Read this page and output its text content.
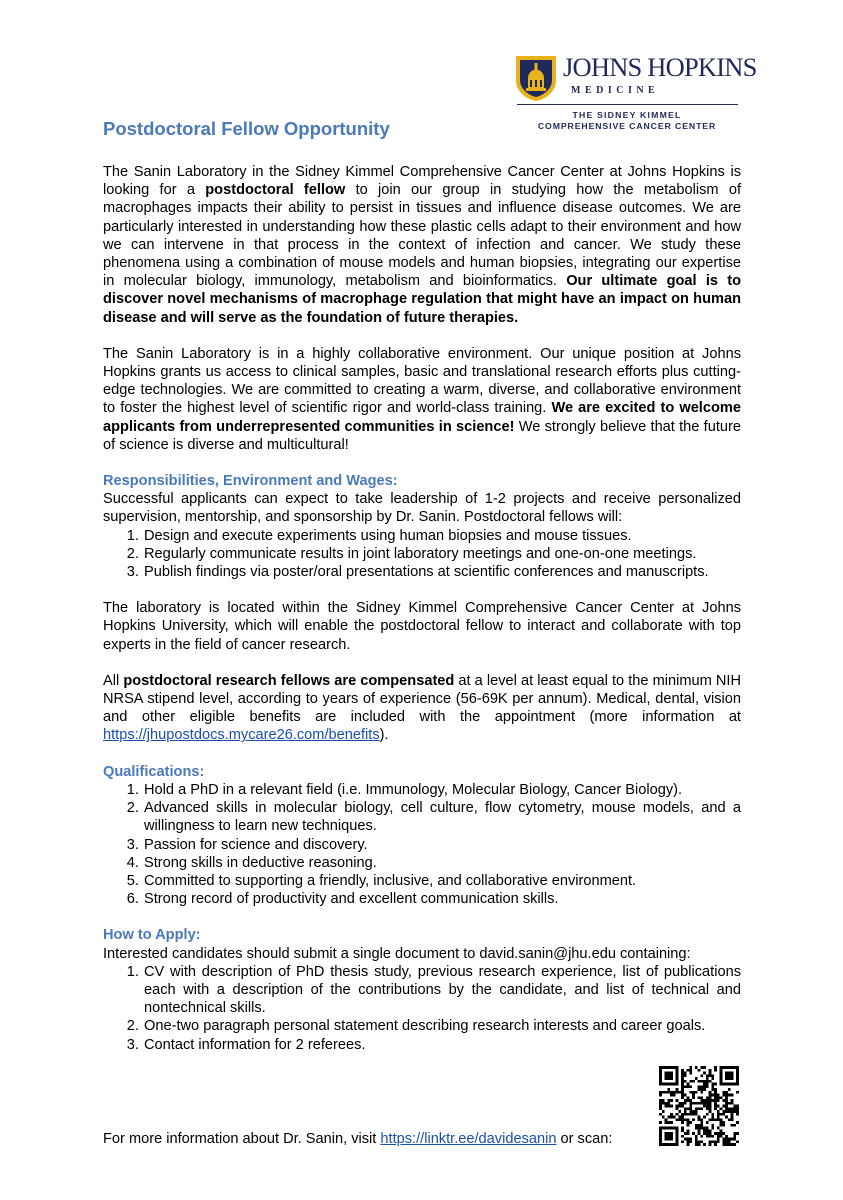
JOHNS HOPKINS
MEDICINE
THE SIDNEY KIMMEL
COMPREHENSIVE CANCER CENTER
Postdoctoral Fellow Opportunity

The Sanin Laboratory in the Sidney Kimmel Comprehensive Cancer Center at Johns Hopkins is looking for a postdoctoral fellow to join our group in studying how the metabolism of macrophages impacts their ability to persist in tissues and influence disease outcomes. We are particularly interested in understanding how these plastic cells adapt to their environment and how we can intervene in that process in the context of infection and cancer. We study these phenomena using a combination of mouse models and human biopsies, integrating our expertise in molecular biology, immunology, metabolism and bioinformatics. Our ultimate goal is to discover novel mechanisms of macrophage regulation that might have an impact on human disease and will serve as the foundation of future therapies.

The Sanin Laboratory is in a highly collaborative environment. Our unique position at Johns Hopkins grants us access to clinical samples, basic and translational research efforts plus cutting-edge technologies. We are committed to creating a warm, diverse, and collaborative environment to foster the highest level of scientific rigor and world-class training. We are excited to welcome applicants from underrepresented communities in science! We strongly believe that the future of science is diverse and multicultural!

Responsibilities, Environment and Wages:

Successful applicants can expect to take leadership of 1-2 projects and receive personalized supervision, mentorship, and sponsorship by Dr. Sanin. Postdoctoral fellows will:

1. Design and execute experiments using human biopsies and mouse tissues.
2. Regularly communicate results in joint laboratory meetings and one-on-one meetings.
3. Publish findings via poster/oral presentations at scientific conferences and manuscripts.

The laboratory is located within the Sidney Kimmel Comprehensive Cancer Center at Johns Hopkins University, which will enable the postdoctoral fellow to interact and collaborate with top experts in the field of cancer research.

All postdoctoral research fellows are compensated at a level at least equal to the minimum NIH NRSA stipend level, according to years of experience (56-69K per annum). Medical, dental, vision and other eligible benefits are included with the appointment (more information at https://jhupostdocs.mycare26.com/benefits).

Qualifications:

1. Hold a PhD in a relevant field (i.e. Immunology, Molecular Biology, Cancer Biology).
2. Advanced skills in molecular biology, cell culture, flow cytometry, mouse models, and a willingness to learn new techniques.
3. Passion for science and discovery.
4. Strong skills in deductive reasoning.
5. Committed to supporting a friendly, inclusive, and collaborative environment.
6. Strong record of productivity and excellent communication skills.

How to Apply:

Interested candidates should submit a single document to david.sanin@jhu.edu containing:

1. CV with description of PhD thesis study, previous research experience, list of publications each with a description of the contributions by the candidate, and list of technical and nontechnical skills.
2. One-two paragraph personal statement describing research interests and career goals.
3. Contact information for 2 referees.
For more information about Dr. Sanin, visit https://linktr.ee/davidesanin or scan:
